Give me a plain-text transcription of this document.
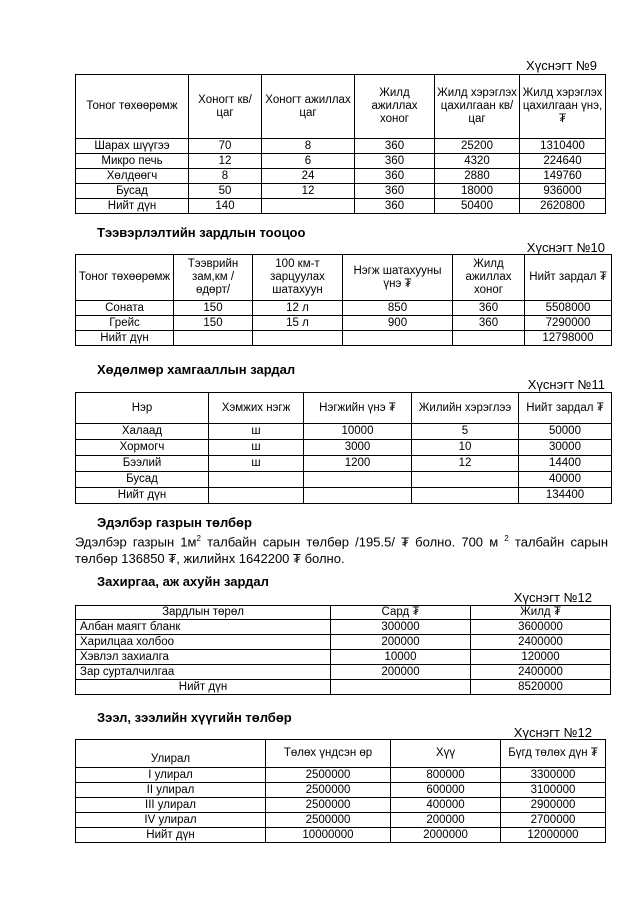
Хүснэгт №9
Тоног төхөөрөмж	Хоногт кв/цаг	Хоногт ажиллах цаг	Жилд ажиллах хоног	Жилд хэрэглэх цахилгаан кв/цаг	Жилд хэрэглэх цахилгаан үнэ,₮
Шарах шүүгээ	70	8	360	25200	1310400
Микро печь	12	6	360	4320	224640
Хөлдөөгч	8	24	360	2880	149760
Бусад	50	12	360	18000	936000
Нийт дүн	140		360	50400	2620800
Тээвэрлэлтийн зардлын тооцоо
Хүснэгт №10
Тоног төхөөрөмж	Тээврийн зам,км /өдөрт/	100 км-т зарцуулах шатахуун	Нэгж шатахууны үнэ ₮	Жилд ажиллах хоног	Нийт зардал ₮
Соната	150	12 л	850	360	5508000
Грейс	150	15 л	900	360	7290000
Нийт дүн					12798000
Хөдөлмөр хамгааллын зардал
Хүснэгт №11
Нэр	Хэмжих нэгж	Нэгжийн үнэ ₮	Жилийн хэрэглээ	Нийт зардал ₮
Халаад	ш	10000	5	50000
Хормогч	ш	3000	10	30000
Бээлий	ш	1200	12	14400
Бусад				40000
Нийт дүн				134400
Эдэлбэр газрын төлбөр
Эдэлбэр газрын $1м^2$ талбайн сарын төлбөр /195.5/ ₮ болно. 700 м $^2$ талбайн сарын
төлбөр 136850 ₮, жилийнх 1642200 ₮ болно.
Захиргаа, аж ахуйн зардал
Хүснэгт №12
Зардлын төрөл	Сард ₮	Жилд ₮
Албан маягт бланк	300000	3600000
Харилцаа холбоо	200000	2400000
Хэвлэл захиалга	10000	120000
Зар сурталчилгаа	200000	2400000
Нийт дүн		8520000
Зээл, зээлийн хүүгийн төлбөр
Хүснэгт №12
Улирал	Төлөх үндсэн өр	Хүү	Бүгд төлөх дүн ₮
I улирал	2500000	800000	3300000
II улирал	2500000	600000	3100000
III улирал	2500000	400000	2900000
IV улирал	2500000	200000	2700000
Нийт дүн	10000000	2000000	12000000
